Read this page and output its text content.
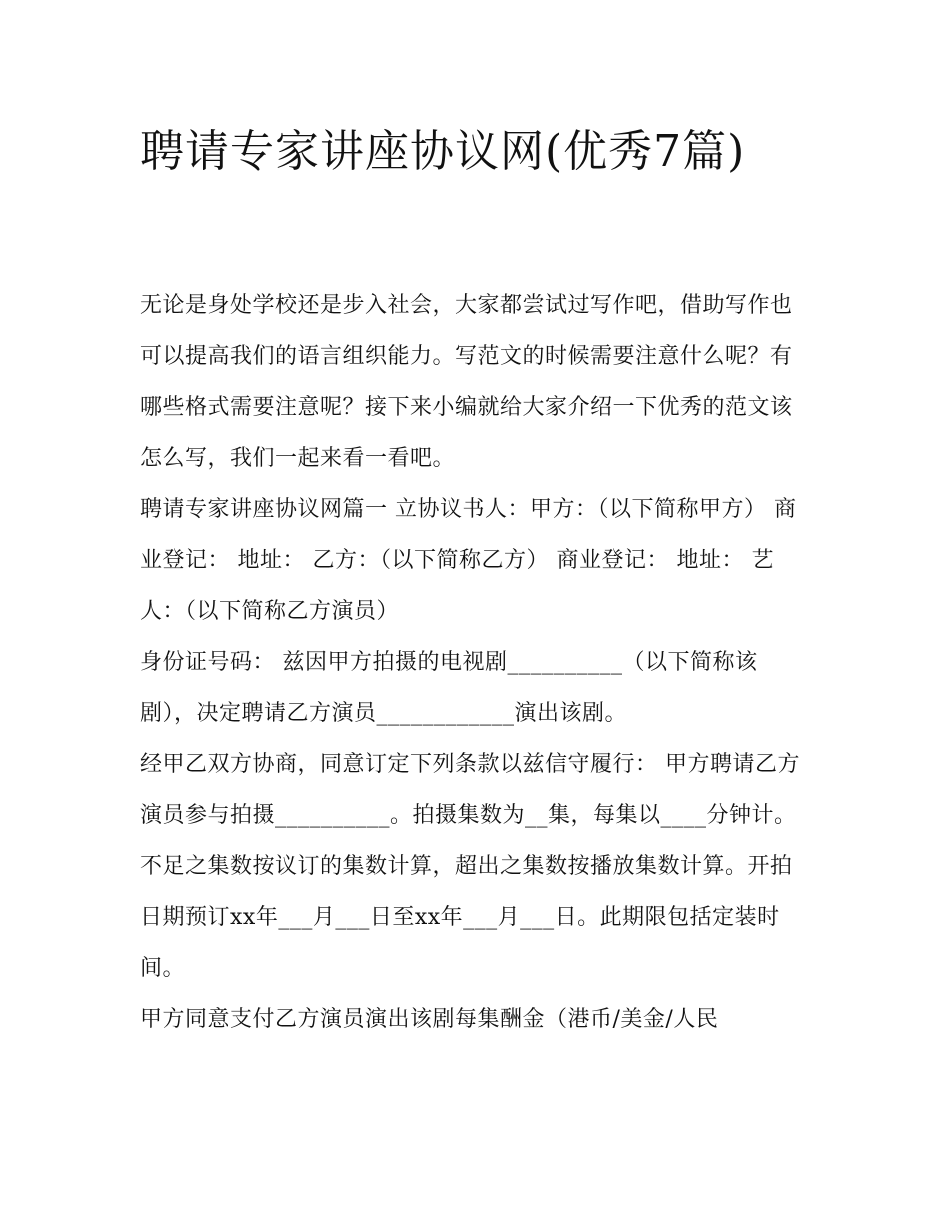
聘请专家讲座协议网(优秀7篇)

无论是身处学校还是步入社会，大家都尝试过写作吧，借助写作也可以提高我们的语言组织能力。写范文的时候需要注意什么呢？有哪些格式需要注意呢？接下来小编就给大家介绍一下优秀的范文该怎么写，我们一起来看一看吧。

聘请专家讲座协议网篇一 立协议书人：甲方：（以下简称甲方） 商业登记： 地址： 乙方：（以下简称乙方） 商业登记： 地址： 艺人：（以下简称乙方演员）

身份证号码： 兹因甲方拍摄的电视剧__________（以下简称该剧），决定聘请乙方演员____________演出该剧。

经甲乙双方协商，同意订定下列条款以兹信守履行： 甲方聘请乙方演员参与拍摄__________。拍摄集数为__集，每集以____分钟计。

不足之集数按议订的集数计算，超出之集数按播放集数计算。开拍日期预订xx年___月___日至xx年___月___日。此期限包括定装时间。

甲方同意支付乙方演员演出该剧每集酬金（港币/美金/人民
